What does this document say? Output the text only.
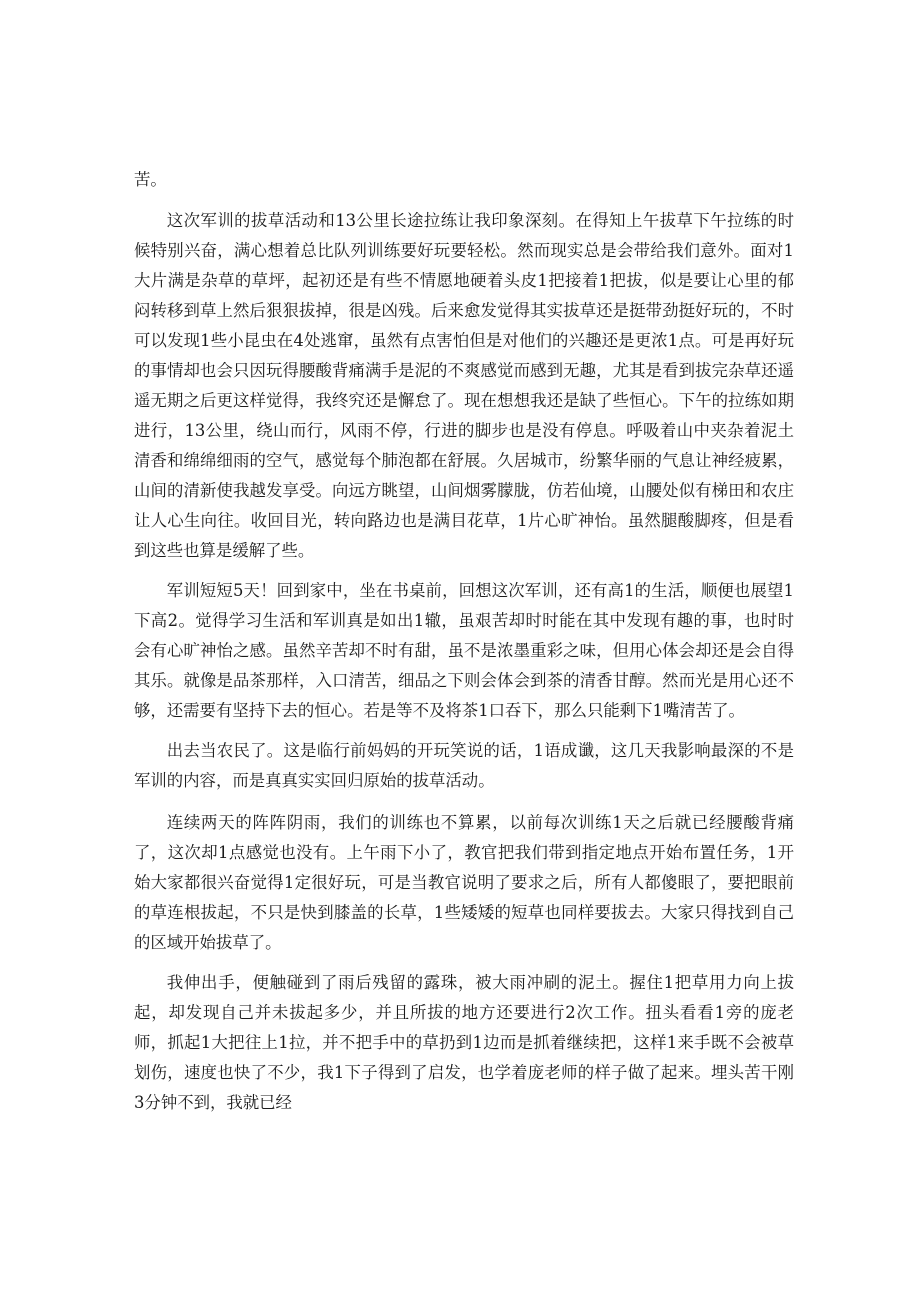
苦。

这次军训的拔草活动和13公里长途拉练让我印象深刻。在得知上午拔草下午拉练的时候特别兴奋，满心想着总比队列训练要好玩要轻松。然而现实总是会带给我们意外。面对1大片满是杂草的草坪，起初还是有些不情愿地硬着头皮1把接着1把拔，似是要让心里的郁闷转移到草上然后狠狠拔掉，很是凶残。后来愈发觉得其实拔草还是挺带劲挺好玩的，不时可以发现1些小昆虫在4处逃窜，虽然有点害怕但是对他们的兴趣还是更浓1点。可是再好玩的事情却也会只因玩得腰酸背痛满手是泥的不爽感觉而感到无趣，尤其是看到拔完杂草还遥遥无期之后更这样觉得，我终究还是懈怠了。现在想想我还是缺了些恒心。下午的拉练如期进行，13公里，绕山而行，风雨不停，行进的脚步也是没有停息。呼吸着山中夹杂着泥土清香和绵绵细雨的空气，感觉每个肺泡都在舒展。久居城市，纷繁华丽的气息让神经疲累，山间的清新使我越发享受。向远方眺望，山间烟雾朦胧，仿若仙境，山腰处似有梯田和农庄让人心生向往。收回目光，转向路边也是满目花草，1片心旷神怡。虽然腿酸脚疼，但是看到这些也算是缓解了些。

军训短短5天！回到家中，坐在书桌前，回想这次军训，还有高1的生活，顺便也展望1下高2。觉得学习生活和军训真是如出1辙，虽艰苦却时时能在其中发现有趣的事，也时时会有心旷神怡之感。虽然辛苦却不时有甜，虽不是浓墨重彩之味，但用心体会却还是会自得其乐。就像是品茶那样，入口清苦，细品之下则会体会到茶的清香甘醇。然而光是用心还不够，还需要有坚持下去的恒心。若是等不及将茶1口吞下，那么只能剩下1嘴清苦了。

出去当农民了。这是临行前妈妈的开玩笑说的话，1语成谶，这几天我影响最深的不是军训的内容，而是真真实实回归原始的拔草活动。

连续两天的阵阵阴雨，我们的训练也不算累，以前每次训练1天之后就已经腰酸背痛了，这次却1点感觉也没有。上午雨下小了，教官把我们带到指定地点开始布置任务，1开始大家都很兴奋觉得1定很好玩，可是当教官说明了要求之后，所有人都傻眼了，要把眼前的草连根拔起，不只是快到膝盖的长草，1些矮矮的短草也同样要拔去。大家只得找到自己的区域开始拔草了。

我伸出手，便触碰到了雨后残留的露珠，被大雨冲刷的泥土。握住1把草用力向上拔起，却发现自己并未拔起多少，并且所拔的地方还要进行2次工作。扭头看看1旁的庞老师，抓起1大把往上1拉，并不把手中的草扔到1边而是抓着继续把，这样1来手既不会被草划伤，速度也快了不少，我1下子得到了启发，也学着庞老师的样子做了起来。埋头苦干刚3分钟不到，我就已经
